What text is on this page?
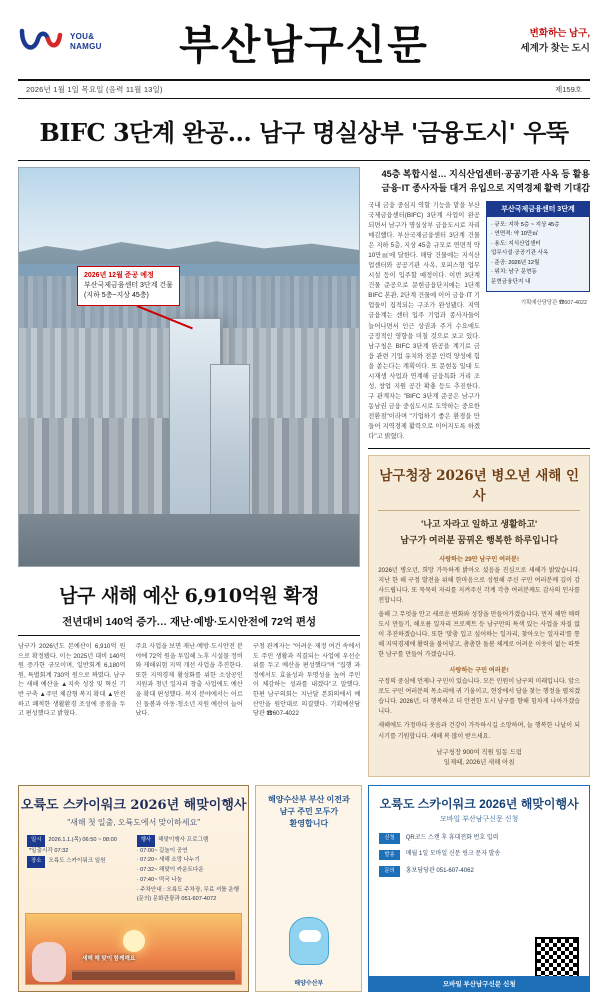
YOU&
NAMGU 부산남구신문	변화하는 남구,
세계가 찾는 도시
2026년 1월 1일 목요일 (음력 11월 13일)	제159호
BIFC 3단계 완공… 남구 명실상부 '금융도시' 우뚝
2026년 12월 준공 예정
부산국제금융센터 3단계 건물
(지하 5층~지상 45층)
남구 새해 예산 6,910억원 확정
전년대비 140억 증가… 재난·예방·도시안전에 72억 편성
남구가 2026년도 본예산이 6,910억 원으로 확정됐다. 이는 2025년 대비 140억 원 증가한 규모이며, 일반회계 6,180억 원, 특별회계 730억 원으로 짜였다. 남구는 새해 예산을 ▲지속 성장 및 혁신 기반 구축 ▲주민 체감형 복지 확대 ▲안전하고 쾌적한 생활환경 조성에 중점을 두고 편성했다고 밝혔다.
주요 사업을 보면 재난·예방·도시안전 분야에 72억 원을 투입해 노후 시설물 정비와 재해위험 지역 개선 사업을 추진한다. 또한 지역경제 활성화를 위한 소상공인 지원과 청년 일자리 창출 사업에도 예산을 확대 편성했다. 복지 분야에서는 어르신 돌봄과 아동·청소년 지원 예산이 늘어났다.
구청 관계자는 "어려운 재정 여건 속에서도 주민 생활과 직결되는 사업에 우선순위를 두고 예산을 편성했다"며 "집행 과정에서도 효율성과 투명성을 높여 주민이 체감하는 성과를 내겠다"고 말했다. 한편 남구의회는 지난달 본회의에서 예산안을 원안대로 의결했다. 기획예산담당관 ☎607-4022
45층 복합시설… 지식산업센터·공공기관 사옥 등 활용
금융·IT 종사자들 대거 유입으로 지역경제 활력 기대감
국내 금융 중심지 역할 기능을 맡을 부산국제금융센터(BIFC) 3단계 사업이 완공되면서 남구가 명실상부 금융도시로 자리매김했다. 부산국제금융센터 3단계 건물은 지하 5층, 지상 45층 규모로 연면적 약 10만㎡에 달한다. 해당 건물에는 지식산업센터와 공공기관 사옥, 오피스형 업무시설 등이 입주할 예정이다. 이번 3단계 건물 준공으로 문현금융단지에는 1단계 BIFC 본관, 2단계 건물에 이어 금융·IT 기업들이 집적되는 구조가 완성됐다. 지역 금융계는 센터 입주 기업과 종사자들이 늘어나면서 인근 상권과 주거 수요에도 긍정적인 영향을 미칠 것으로 보고 있다. 남구청은 BIFC 3단계 완공을 계기로 금융 관련 기업 유치와 전문 인력 양성에 힘을 쏟는다는 계획이다. 또 문현동 일대 도시재생 사업과 연계해 금융특화 거리 조성, 창업 지원 공간 확충 등도 추진한다. 구 관계자는 "BIFC 3단계 준공은 남구가 동남권 금융 중심도시로 도약하는 중요한 전환점"이라며 "기업하기 좋은 환경을 만들어 지역경제 활력으로 이어지도록 하겠다"고 밝혔다.
부산국제금융센터 3단계
· 규모: 지하 5층 ~ 지상 45층
· 연면적: 약 10만㎡
· 용도: 지식산업센터
업무시설·공공기관 사옥
· 준공: 2026년 12월
· 위치: 남구 문현동
문현금융단지 내
기획예산담당관 ☎607-4022
남구청장 2026년 병오년 새해 인사
'나고 자라고 일하고 생활하고'
남구가 여러분 꿈꿔온 행복한 하루입니다
사랑하는 29만 남구민 여러분!

2026년 병오년, 희망 가득하게 밝아오 셨음을 진심으로 새해가 밝았습니다. 지난 한 해 구정 발전을 위해 한마음으로 성원해 주신 구민 여러분께 깊이 감사드립니다. 또 묵묵히 자리를 지켜주신 각계 각층 여러분께도 감사의 인사를 전합니다.

올해 그 무엇을 안고 새로운 변화와 성장을 만들어가겠습니다. 먼저 해안 매력도시 만들기, 해오름 일자리 프로젝트 등 남구만의 특색 있는 사업을 차질 없이 추진하겠습니다. 또한 '맞춤 입고 싶어하는 일자리, 찾아오는 일자리'를 통해 지역경제에 활력을 불어넣고, 촘촘한 돌봄 체계로 어려운 이웃이 없는 따뜻한 남구를 만들어 가겠습니다.

사랑하는 구민 여러분!

구정의 중심에 언제나 구민이 있습니다. 모든 민원이 남구의 미래입니다. 앞으로도 구민 여러분의 목소리에 귀 기울이고, 현장에서 답을 찾는 행정을 펼치겠습니다. 2026년, 더 행복하고 더 안전한 도시 남구를 향해 힘차게 나아가겠습니다.

새해에도 가정마다 웃음과 건강이 가득하시길 소망하며, 늘 행복한 나날이 되시기를 기원합니다. 새해 복 많이 받으세요.

남구청장 900여 직원 일동 드림
일제때, 2026년 새해 아침
오륙도 스카이워크 2026년 해맞이행사
"새해 첫 일출, 오륙도에서 맞이하세요"
일시 2026.1.1.(목) 06:50 ~ 08:00
*일출시각 07:32
장소 오륙도 스카이워크 일원
행사 해맞이행사 프로그램
· 07:00~ 길놀이 공연
· 07:20~ 새해 소망 나누기
· 07:32~ 해맞이 카운트다운
· 07:40~ 떡국 나눔
· 주차안내 : 오륙도 주차장, 무료 셔틀 운행
(문의) 문화관광과 051-607-4072
새해 해 맞이 함께해요
해양수산부 부산 이전과
남구 주민 모두가
환영합니다
해양수산부
오륙도 스카이워크 2026년 해맞이행사
모바일 부산남구신문 신청
신청	QR코드 스캔 후 휴대전화 번호 입력
발송	매월 1일 모바일 신문 링크 문자 발송
문의	홍보담당관 051-607-4062
모바일 부산남구신문 신청
